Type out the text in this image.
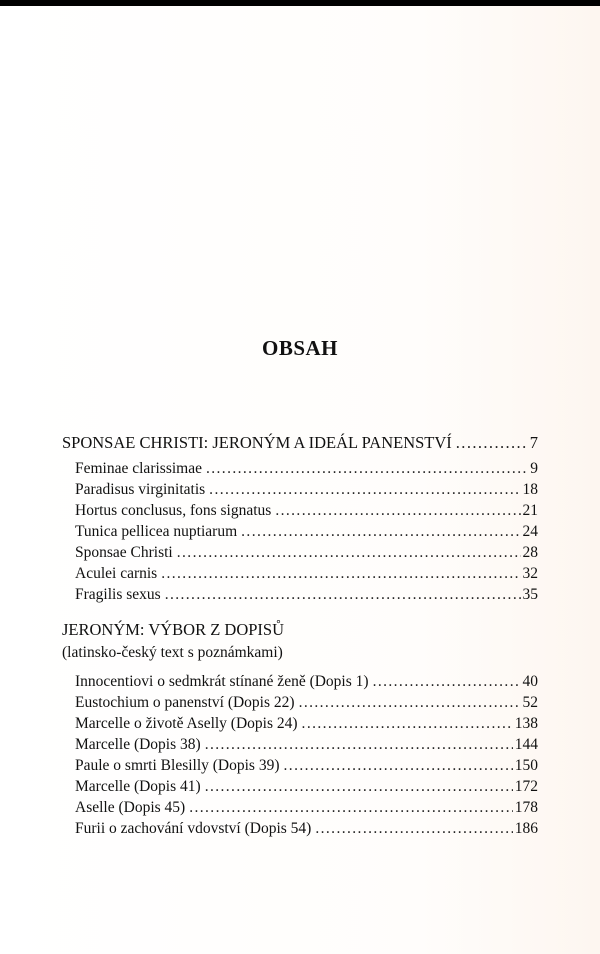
OBSAH
SPONSAE CHRISTI: JERONÝM A IDEÁL PANENSTVÍ .....	7
Feminae clarissimae .....	9
Paradisus virginitatis .....	18
Hortus conclusus, fons signatus .....	21
Tunica pellicea nuptiarum .....	24
Sponsae Christi .....	28
Aculei carnis .....	32
Fragilis sexus .....	35
JERONÝM: VÝBOR Z DOPISŮ
(latinsko-český text s poznámkami)
Innocentiovi o sedmkrát stínané ženě (Dopis 1) .....	40
Eustochium o panenství (Dopis 22) .....	52
Marcelle o životě Aselly (Dopis 24) .....	138
Marcelle (Dopis 38) .....	144
Paule o smrti Blesilly (Dopis 39) .....	150
Marcelle (Dopis 41) .....	172
Aselle (Dopis 45) .....	178
Furii o zachování vdovství (Dopis 54) .....	186
